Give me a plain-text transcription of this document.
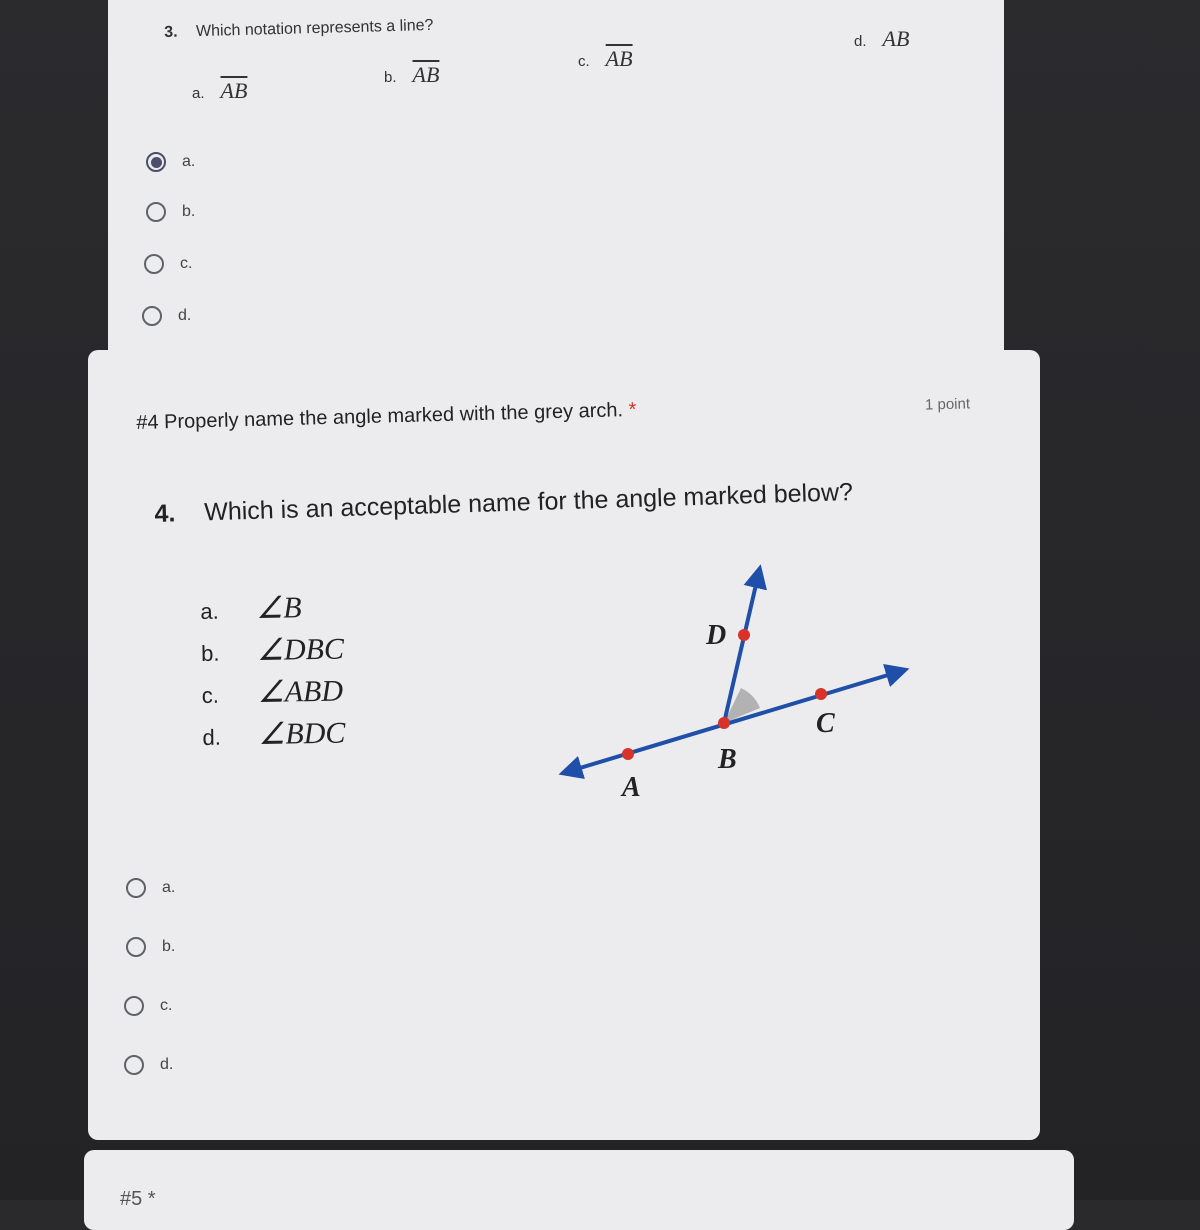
3. Which notation represents a line?
a. $\overline{AB}$
b. $\overline{AB}$
c. $\overline{AB}$
d. AB
a.
b.
c.
d.
#4 Properly name the angle marked with the grey arch. *	1 point
4. Which is an acceptable name for the angle marked below?
a.	∠B
b.	∠DBC
c.	∠ABD
d.	∠BDC
A
B
C
D
a.
b.
c.
d.
#5 *
